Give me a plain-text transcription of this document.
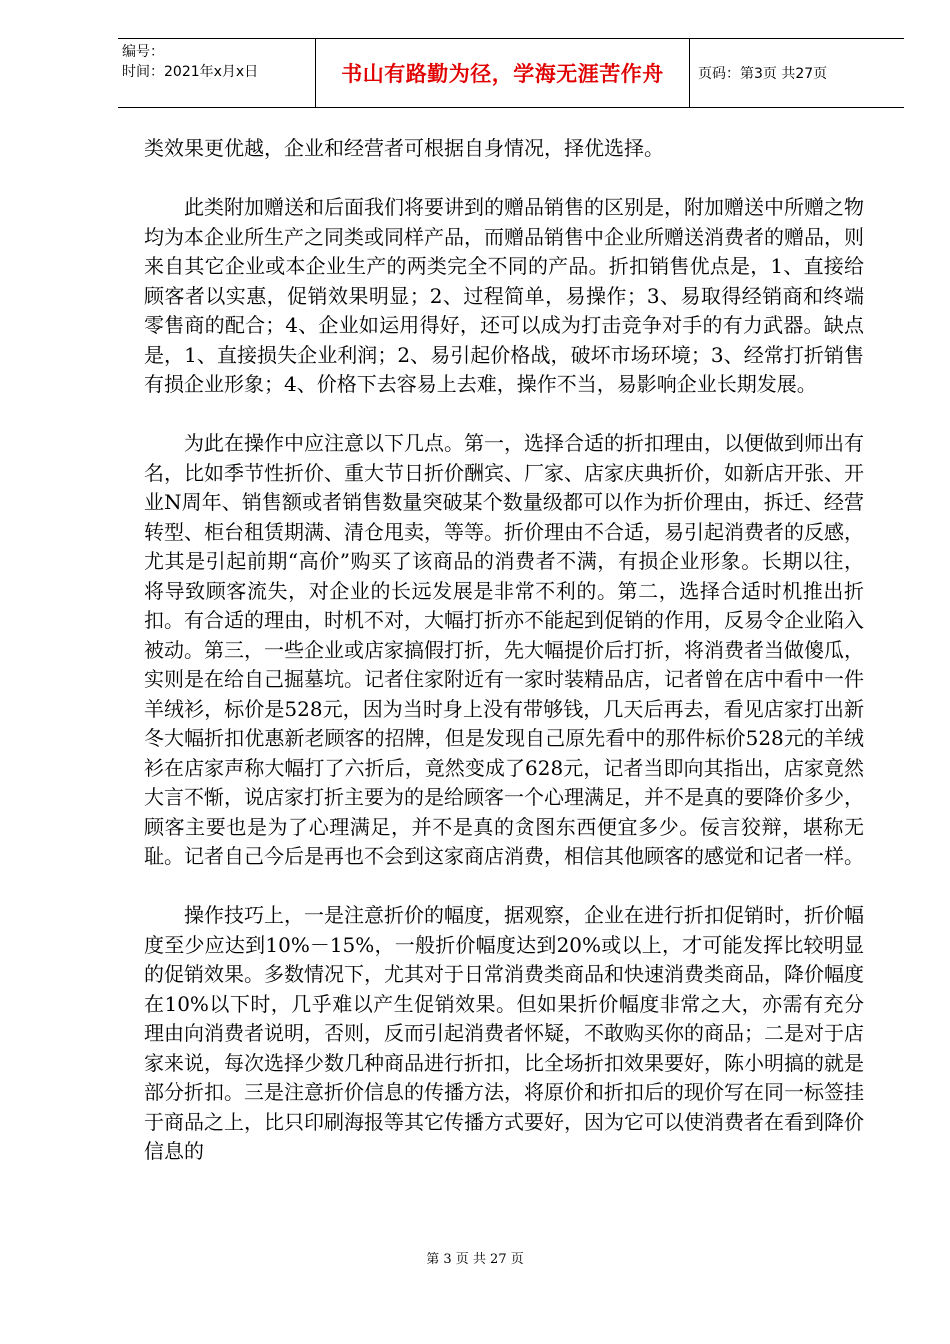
编号：
时间：2021年x月x日	书山有路勤为径，学海无涯苦作舟	页码：第3页 共27页

类效果更优越，企业和经营者可根据自身情况，择优选择。

此类附加赠送和后面我们将要讲到的赠品销售的区别是，附加赠送中所赠之物均为本企业所生产之同类或同样产品，而赠品销售中企业所赠送消费者的赠品，则来自其它企业或本企业生产的两类完全不同的产品。折扣销售优点是，1、直接给顾客者以实惠，促销效果明显；2、过程简单，易操作；3、易取得经销商和终端零售商的配合；4、企业如运用得好，还可以成为打击竞争对手的有力武器。缺点是，1、直接损失企业利润；2、易引起价格战，破坏市场环境；3、经常打折销售有损企业形象；4、价格下去容易上去难，操作不当，易影响企业长期发展。

为此在操作中应注意以下几点。第一，选择合适的折扣理由，以便做到师出有名，比如季节性折价、重大节日折价酬宾、厂家、店家庆典折价，如新店开张、开业N周年、销售额或者销售数量突破某个数量级都可以作为折价理由，拆迁、经营转型、柜台租赁期满、清仓甩卖，等等。折价理由不合适，易引起消费者的反感，尤其是引起前期“高价”购买了该商品的消费者不满，有损企业形象。长期以往，将导致顾客流失，对企业的长远发展是非常不利的。第二，选择合适时机推出折扣。有合适的理由，时机不对，大幅打折亦不能起到促销的作用，反易令企业陷入被动。第三，一些企业或店家搞假打折，先大幅提价后打折，将消费者当做傻瓜，实则是在给自己掘墓坑。记者住家附近有一家时装精品店，记者曾在店中看中一件羊绒衫，标价是528元，因为当时身上没有带够钱，几天后再去，看见店家打出新冬大幅折扣优惠新老顾客的招牌，但是发现自己原先看中的那件标价528元的羊绒衫在店家声称大幅打了六折后，竟然变成了628元，记者当即向其指出，店家竟然大言不惭，说店家打折主要为的是给顾客一个心理满足，并不是真的要降价多少，顾客主要也是为了心理满足，并不是真的贪图东西便宜多少。佞言狡辩，堪称无耻。记者自己今后是再也不会到这家商店消费，相信其他顾客的感觉和记者一样。

操作技巧上，一是注意折价的幅度，据观察，企业在进行折扣促销时，折价幅度至少应达到10%－15%，一般折价幅度达到20%或以上，才可能发挥比较明显的促销效果。多数情况下，尤其对于日常消费类商品和快速消费类商品，降价幅度在10%以下时，几乎难以产生促销效果。但如果折价幅度非常之大，亦需有充分理由向消费者说明，否则，反而引起消费者怀疑，不敢购买你的商品；二是对于店家来说，每次选择少数几种商品进行折扣，比全场折扣效果要好，陈小明搞的就是部分折扣。三是注意折价信息的传播方法，将原价和折扣后的现价写在同一标签挂于商品之上，比只印刷海报等其它传播方式要好，因为它可以使消费者在看到降价信息的

第 3 页 共 27 页
